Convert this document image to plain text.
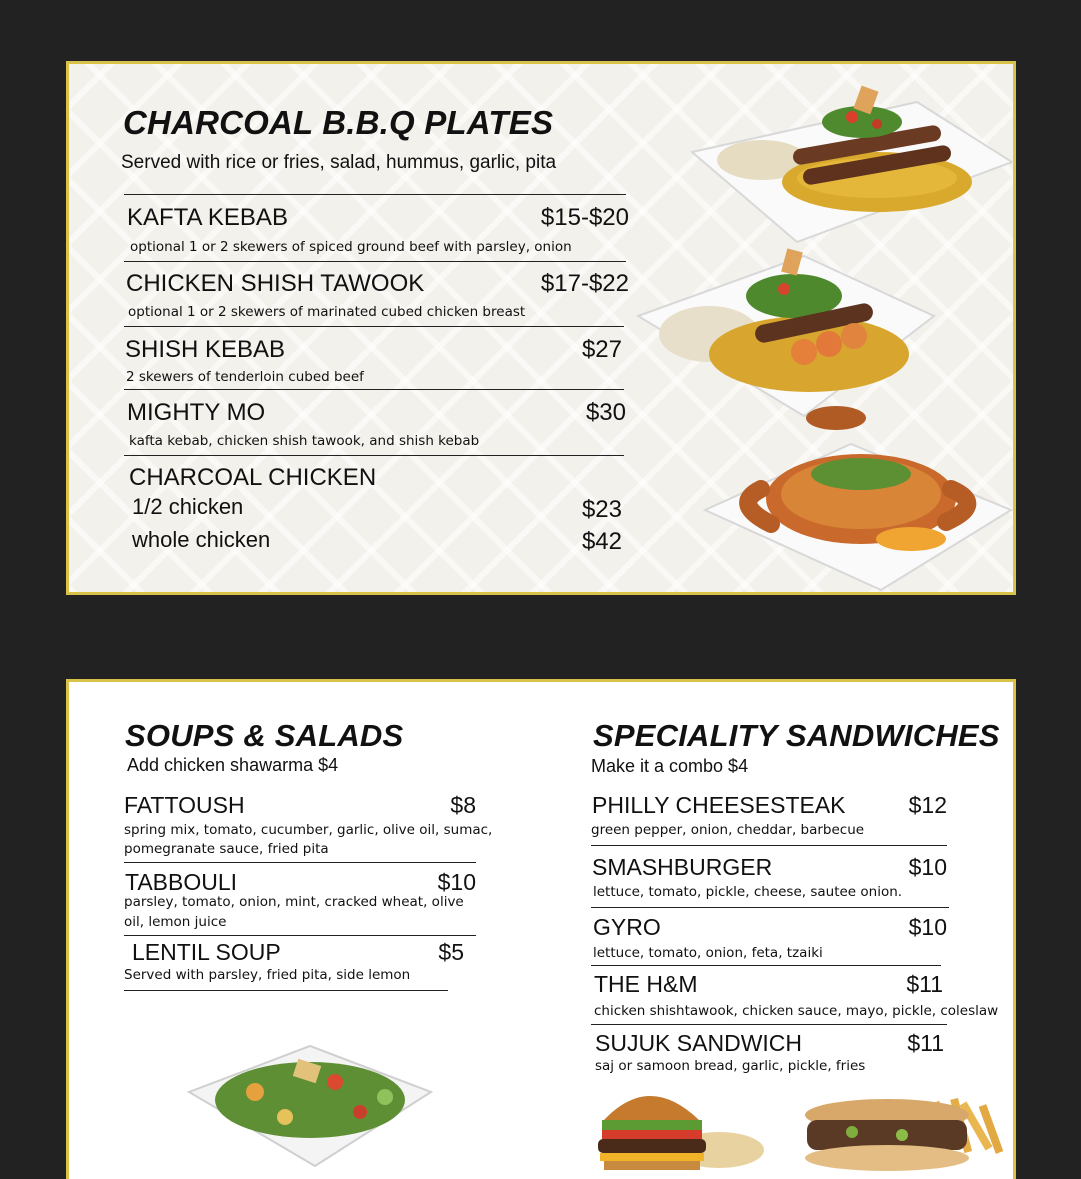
CHARCOAL B.B.Q PLATES
Served with rice or fries, salad, hummus, garlic, pita
KAFTA KEBAB	$15-$20
optional 1 or 2 skewers of spiced ground beef with parsley, onion
CHICKEN SHISH TAWOOK	$17-$22
optional 1 or 2 skewers of marinated cubed chicken breast
SHISH KEBAB	$27
2 skewers of tenderloin cubed beef
MIGHTY MO	$30
kafta kebab, chicken shish tawook, and shish kebab
CHARCOAL CHICKEN
1/2 chicken	$23
whole chicken	$42
SOUPS & SALADS
Add chicken shawarma $4
FATTOUSH	$8
spring mix, tomato, cucumber, garlic, olive oil, sumac,
pomegranate sauce, fried pita
TABBOULI	$10
parsley, tomato, onion, mint, cracked wheat, olive
oil, lemon juice
LENTIL SOUP	$5
Served with parsley, fried pita, side lemon
SPECIALITY SANDWICHES
Make it a combo $4
PHILLY CHEESESTEAK	$12
green pepper, onion, cheddar, barbecue
SMASHBURGER	$10
lettuce, tomato, pickle, cheese, sautee onion.
GYRO	$10
lettuce, tomato, onion, feta, tzaiki
THE H&M	$11
chicken shishtawook, chicken sauce, mayo, pickle, coleslaw
SUJUK SANDWICH	$11
saj or samoon bread, garlic, pickle, fries
